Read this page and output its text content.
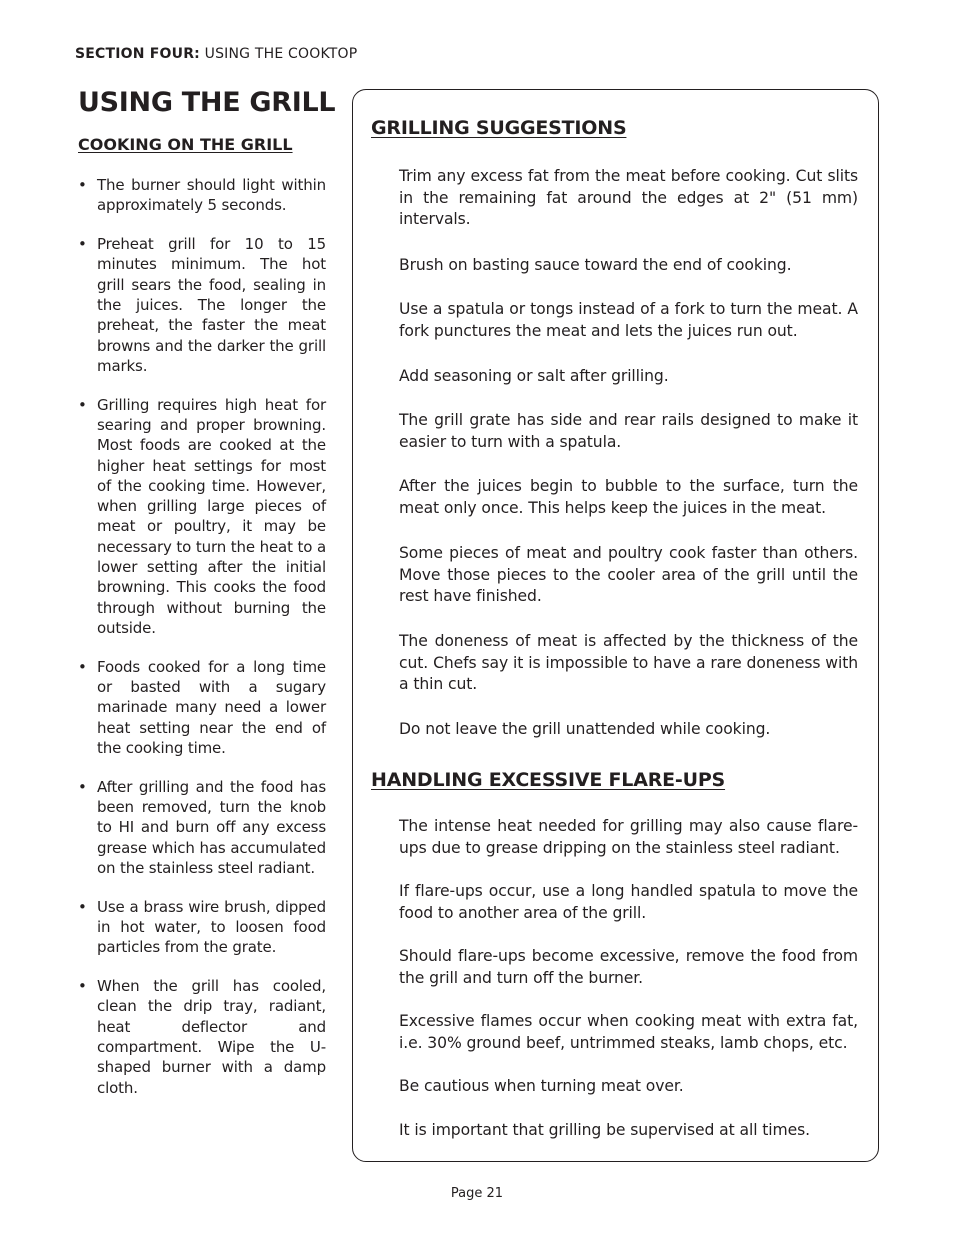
SECTION FOUR: USING THE COOKTOP
USING THE GRILL
COOKING ON THE GRILL
• The burner should light within approximately 5 seconds.
• Preheat grill for 10 to 15 minutes minimum. The hot grill sears the food, sealing in the juices. The longer the preheat, the faster the meat browns and the darker the grill marks.
• Grilling requires high heat for searing and proper browning. Most foods are cooked at the higher heat settings for most of the cooking time. However, when grilling large pieces of meat or poultry, it may be necessary to turn the heat to a lower setting after the initial browning. This cooks the food through without burning the outside.
• Foods cooked for a long time or basted with a sugary marinade many need a lower heat setting near the end of the cooking time.
• After grilling and the food has been removed, turn the knob to HI and burn off any excess grease which has accumulated on the stainless steel radiant.
• Use a brass wire brush, dipped in hot water, to loosen food particles from the grate.
• When the grill has cooled, clean the drip tray, radiant, heat deflector and compartment. Wipe the U-shaped burner with a damp cloth.
GRILLING SUGGESTIONS

Trim any excess fat from the meat before cooking. Cut slits in the remaining fat around the edges at 2" (51 mm) intervals.

Brush on basting sauce toward the end of cooking.

Use a spatula or tongs instead of a fork to turn the meat. A fork punctures the meat and lets the juices run out.

Add seasoning or salt after grilling.

The grill grate has side and rear rails designed to make it easier to turn with a spatula.

After the juices begin to bubble to the surface, turn the meat only once. This helps keep the juices in the meat.

Some pieces of meat and poultry cook faster than others. Move those pieces to the cooler area of the grill until the rest have finished.

The doneness of meat is affected by the thickness of the cut. Chefs say it is impossible to have a rare doneness with a thin cut.

Do not leave the grill unattended while cooking.

HANDLING EXCESSIVE FLARE-UPS

The intense heat needed for grilling may also cause flare-ups due to grease dripping on the stainless steel radiant.

If flare-ups occur, use a long handled spatula to move the food to another area of the grill.

Should flare-ups become excessive, remove the food from the grill and turn off the burner.

Excessive flames occur when cooking meat with extra fat, i.e. 30% ground beef, untrimmed steaks, lamb chops, etc.

Be cautious when turning meat over.

It is important that grilling be supervised at all times.

Page 21
